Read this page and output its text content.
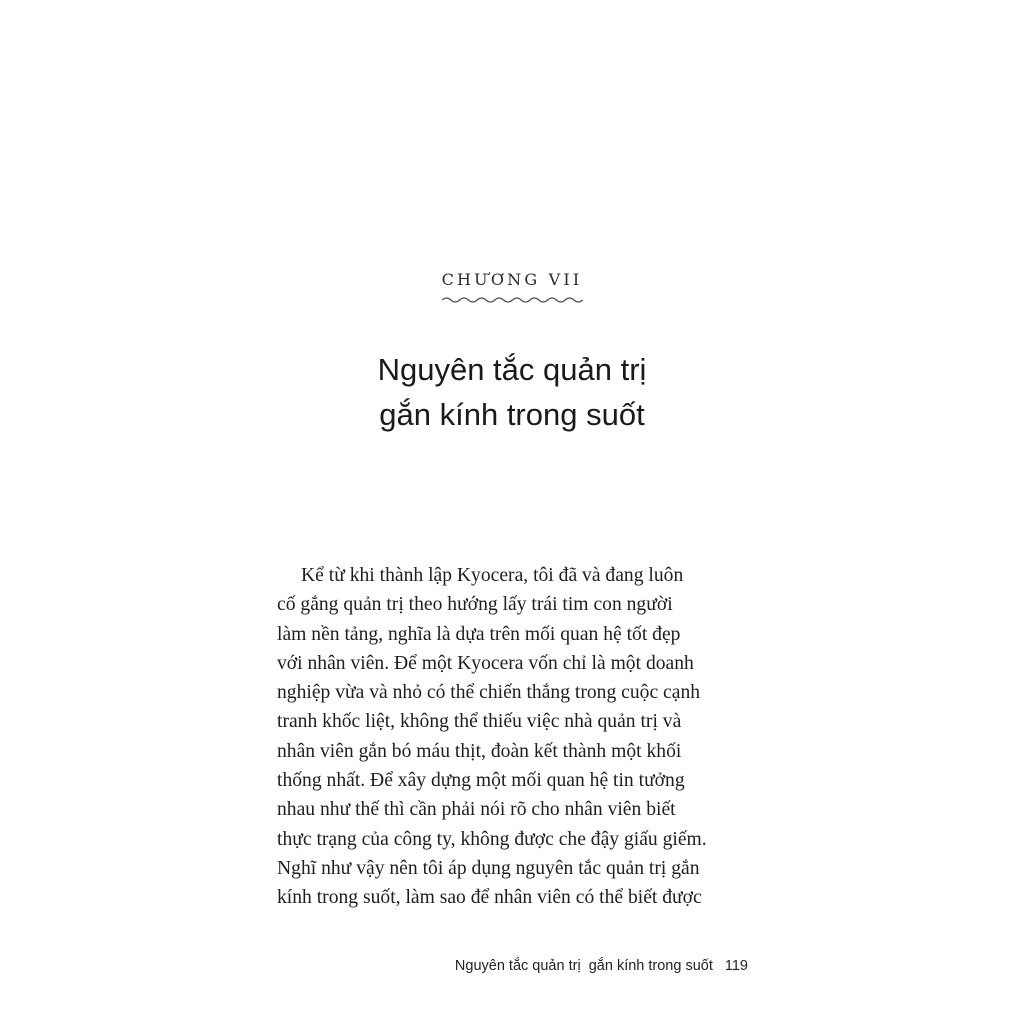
CHƯƠNG VII
Nguyên tắc quản trị
gắn kính trong suốt
Kể từ khi thành lập Kyocera, tôi đã và đang luôn
cố gắng quản trị theo hướng lấy trái tim con người
làm nền tảng, nghĩa là dựa trên mối quan hệ tốt đẹp
với nhân viên. Để một Kyocera vốn chỉ là một doanh
nghiệp vừa và nhỏ có thể chiến thắng trong cuộc cạnh
tranh khốc liệt, không thể thiếu việc nhà quản trị và
nhân viên gắn bó máu thịt, đoàn kết thành một khối
thống nhất. Để xây dựng một mối quan hệ tin tưởng
nhau như thế thì cần phải nói rõ cho nhân viên biết
thực trạng của công ty, không được che đậy giấu giếm.
Nghĩ như vậy nên tôi áp dụng nguyên tắc quản trị gắn
kính trong suốt, làm sao để nhân viên có thể biết được
Nguyên tắc quản trị  gắn kính trong suốt 119
